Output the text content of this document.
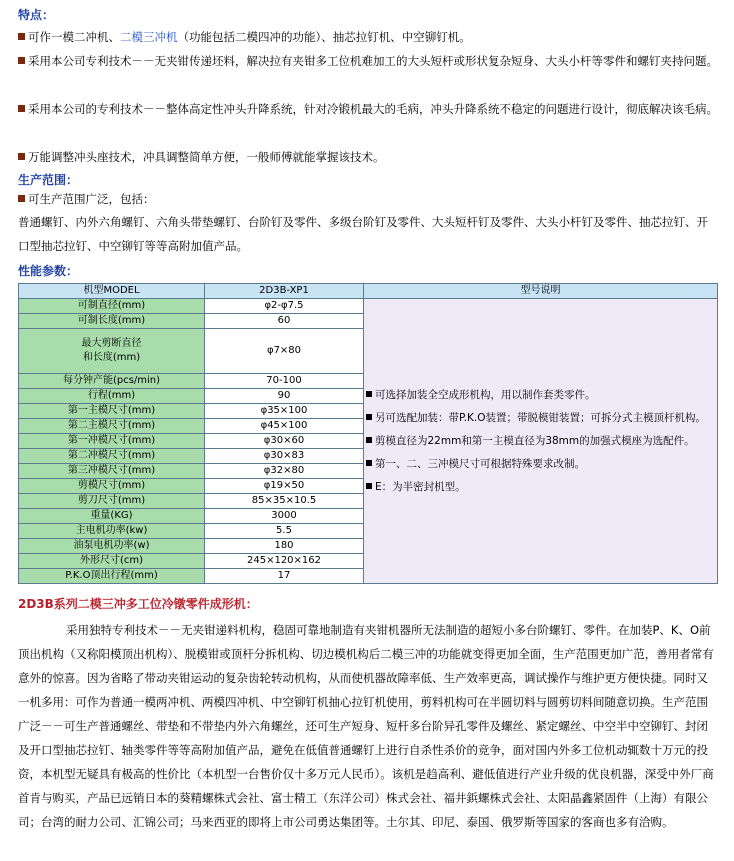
特点：
可作一模二冲机、二模三冲机（功能包括二模四冲的功能）、抽芯拉钉机、中空铆钉机。
采用本公司专利技术－－无夹钳传递坯料，解决拉有夹钳多工位机难加工的大头短杆或形状复杂短身、大头小杆等零件和螺钉夹持问题。
采用本公司的专利技术－－整体高定性冲头升降系统，针对冷锻机最大的毛病，冲头升降系统不稳定的问题进行设计，彻底解决该毛病。
万能调整冲头座技术，冲具调整简单方便，一般师傅就能掌握该技术。
生产范围：
可生产范围广泛，包括：
普通螺钉、内外六角螺钉、六角头带垫螺钉、台阶钉及零件、多级台阶钉及零件、大头短杆钉及零件、大头小杆钉及零件、抽芯拉钉、开口型抽芯拉钉、中空铆钉等等高附加值产品。
性能参数：
机型MODEL	2D3B-XP1	型号说明
可制直径(mm)	φ2-φ7.5	可选择加装全空成形机构，用以制作套类零件。
另可选配加装：带P.K.O装置；带脱模钳装置；可拆分式主模顶杆机构。
剪模直径为22mm和第一主模直径为38mm的加强式模座为选配件。
第一、二、三冲模尺寸可根据特殊要求改制。
E：为半密封机型。

可制长度(mm)	60	
最大剪断直径
和长度(mm)	φ7×80	
每分钟产能(pcs/min)	70-100	
行程(mm)	90	
第一主模尺寸(mm)	φ35×100	
第二主模尺寸(mm)	φ45×100	
第一冲模尺寸(mm)	φ30×60	
第二冲模尺寸(mm)	φ30×83	
第三冲模尺寸(mm)	φ32×80	
剪模尺寸(mm)	φ19×50	
剪刀尺寸(mm)	85×35×10.5	
重量(KG)	3000	
主电机功率(kw)	5.5	
油泵电机功率(w)	180	
外形尺寸(cm)	245×120×162	
P.K.O顶出行程(mm)	17	
2D3B系列二模三冲多工位冷镦零件成形机：
采用独特专利技术－－无夹钳递料机构，稳固可靠地制造有夹钳机器所无法制造的超短小多台阶螺钉、零件。在加装P、K、O前顶出机构（又称阳模顶出机构）、脱模钳或顶杆分拆机构、切边模机构后二模三冲的功能就变得更加全面，生产范围更加广范，善用者常有意外的惊喜。因为省略了带动夹钳运动的复杂齿轮转动机构，从而使机器故障率低、生产效率更高，调试操作与维护更方便快捷。同时又一机多用：可作为普通一模两冲机、两模四冲机、中空铆钉机抽心拉钉机使用，剪料机构可在半圆切料与圆剪切料间随意切换。生产范围广泛－－可生产普通螺丝、带垫和不带垫内外六角螺丝，还可生产短身、短杆多台阶异孔零件及螺丝、紧定螺丝、中空半中空铆钉、封闭及开口型抽芯拉钉、轴类零件等等高附加值产品，避免在低值普通螺钉上进行自杀性杀价的竞争，面对国内外多工位机动辄数十万元的投资，本机型无疑具有极高的性价比（本机型一台售价仅十多万元人民币）。该机是趋高利、避低值进行产业升级的优良机器，深受中外厂商首肯与购买，产品已远销日本的葵精螺株式会社、富士精工（东洋公司）株式会社、福井鋲螺株式会社、太阳晶鑫紧固件（上海）有限公司；台湾的耐力公司、汇锦公司；马来西亚的即将上市公司勇达集团等。土尔其、印尼、泰国、俄罗斯等国家的客商也多有洽购。
